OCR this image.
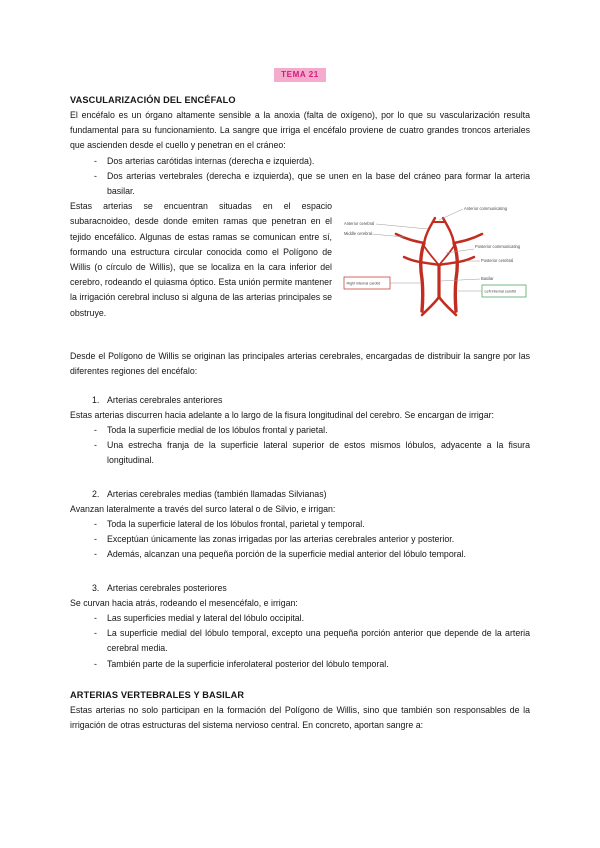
TEMA 21
VASCULARIZACIÓN DEL ENCÉFALO

El encéfalo es un órgano altamente sensible a la anoxia (falta de oxígeno), por lo que su vascularización resulta fundamental para su funcionamiento. La sangre que irriga el encéfalo proviene de cuatro grandes troncos arteriales que ascienden desde el cuello y penetran en el cráneo:

- Dos arterias carótidas internas (derecha e izquierda).
- Dos arterias vertebrales (derecha e izquierda), que se unen en la base del cráneo para formar la arteria basilar.
Anterior communicating
Anterior cerebral
Middle cerebral
Posterior communicating
Posterior cerebral
Basilar
Right internal carotid
Left internal carotid

Estas arterias se encuentran situadas en el espacio subaracnoideo, desde donde emiten ramas que penetran en el tejido encefálico. Algunas de estas ramas se comunican entre sí, formando una estructura circular conocida como el Polígono de Willis (o círculo de Willis), que se localiza en la cara inferior del cerebro, rodeando el quiasma óptico. Esta unión permite mantener la irrigación cerebral incluso si alguna de las arterias principales se obstruye.

Desde el Polígono de Willis se originan las principales arterias cerebrales, encargadas de distribuir la sangre por las diferentes regiones del encéfalo:

1. Arterias cerebrales anteriores

Estas arterias discurren hacia adelante a lo largo de la fisura longitudinal del cerebro. Se encargan de irrigar:

- Toda la superficie medial de los lóbulos frontal y parietal.
- Una estrecha franja de la superficie lateral superior de estos mismos lóbulos, adyacente a la fisura longitudinal.
2. Arterias cerebrales medias (también llamadas Silvianas)

Avanzan lateralmente a través del surco lateral o de Silvio, e irrigan:

- Toda la superficie lateral de los lóbulos frontal, parietal y temporal.
- Exceptúan únicamente las zonas irrigadas por las arterias cerebrales anterior y posterior.
- Además, alcanzan una pequeña porción de la superficie medial anterior del lóbulo temporal.
3. Arterias cerebrales posteriores

Se curvan hacia atrás, rodeando el mesencéfalo, e irrigan:

- Las superficies medial y lateral del lóbulo occipital.
- La superficie medial del lóbulo temporal, excepto una pequeña porción anterior que depende de la arteria cerebral media.
- También parte de la superficie inferolateral posterior del lóbulo temporal.
ARTERIAS VERTEBRALES Y BASILAR

Estas arterias no solo participan en la formación del Polígono de Willis, sino que también son responsables de la irrigación de otras estructuras del sistema nervioso central. En concreto, aportan sangre a:
